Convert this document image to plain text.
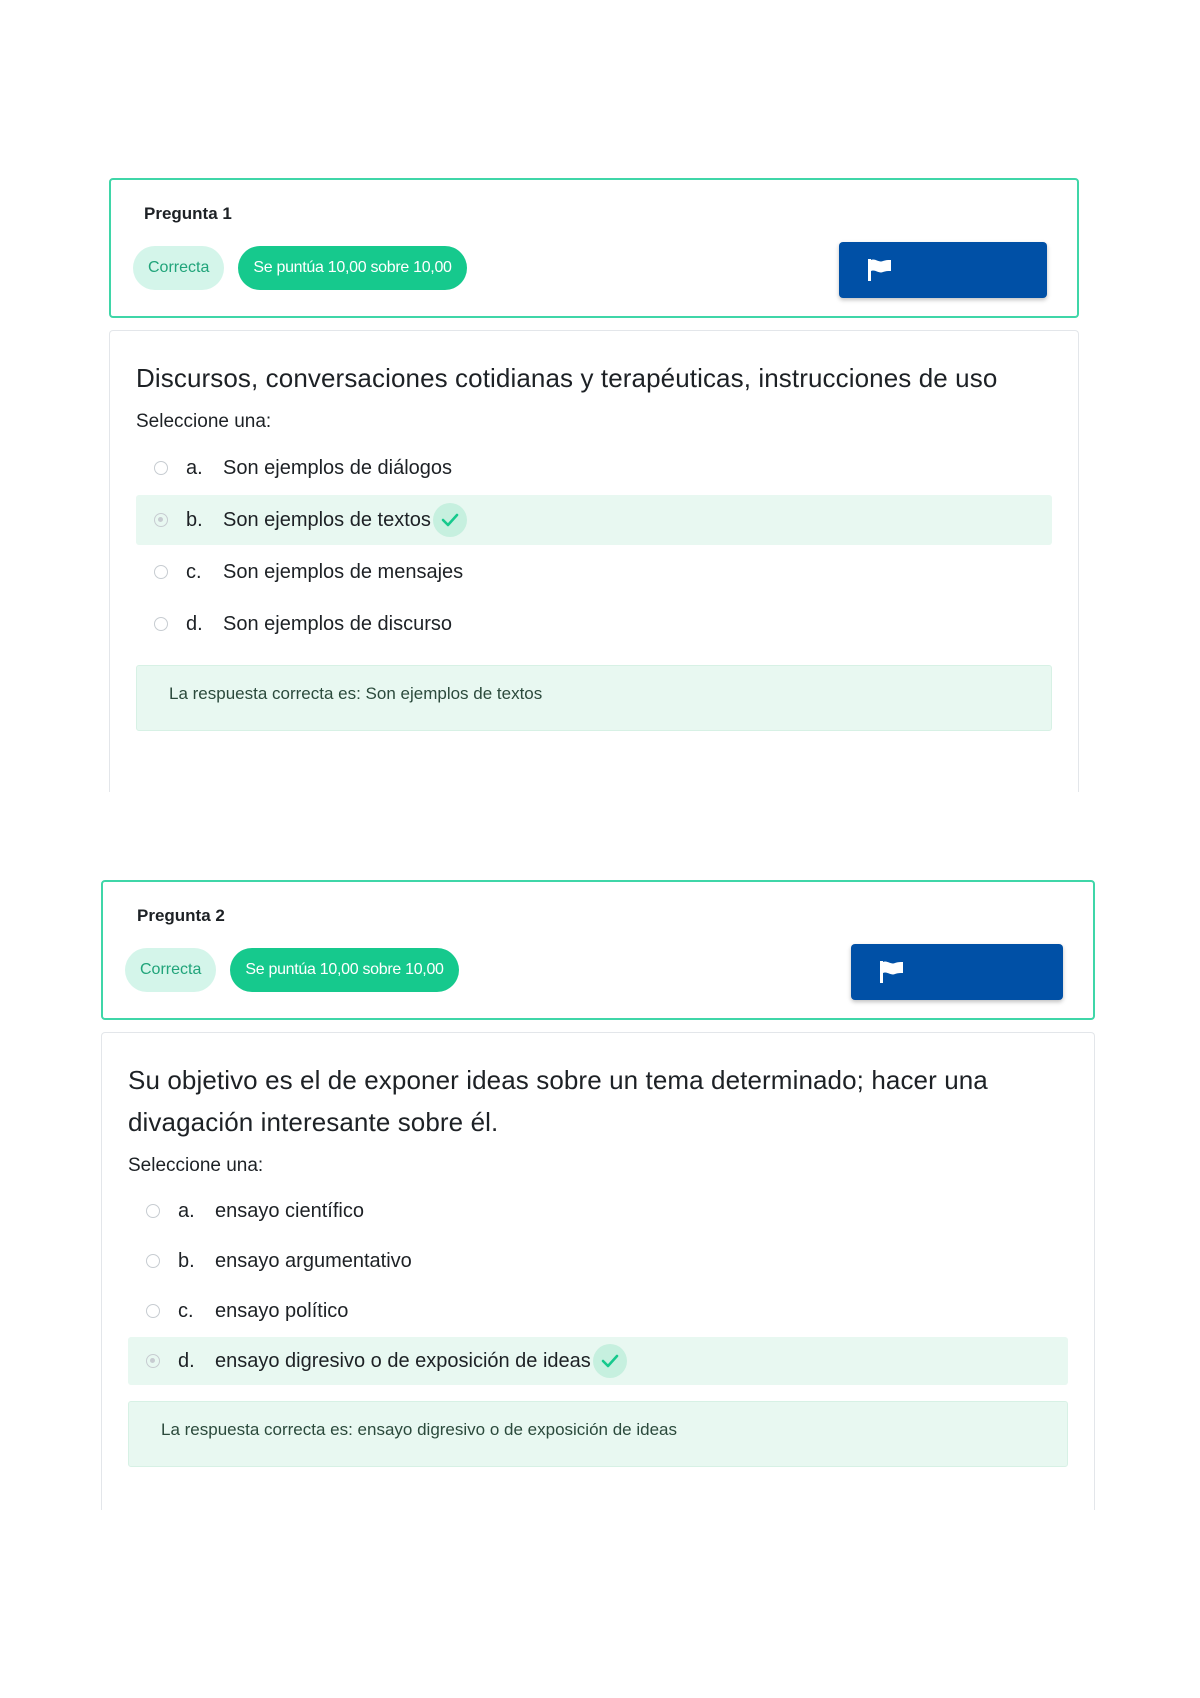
Pregunta 1
Correcta	Se puntúa 10,00 sobre 10,00

Discursos, conversaciones cotidianas y terapéuticas, instrucciones de uso

Seleccione una:

a.	Son ejemplos de diálogos
b.	Son ejemplos de textos
c.	Son ejemplos de mensajes
d.	Son ejemplos de discurso
La respuesta correcta es: Son ejemplos de textos
Pregunta 2
Correcta	Se puntúa 10,00 sobre 10,00

Su objetivo es el de exponer ideas sobre un tema determinado; hacer una divagación interesante sobre él.

Seleccione una:

a.	ensayo científico
b.	ensayo argumentativo
c.	ensayo político
d.	ensayo digresivo o de exposición de ideas
La respuesta correcta es: ensayo digresivo o de exposición de ideas
